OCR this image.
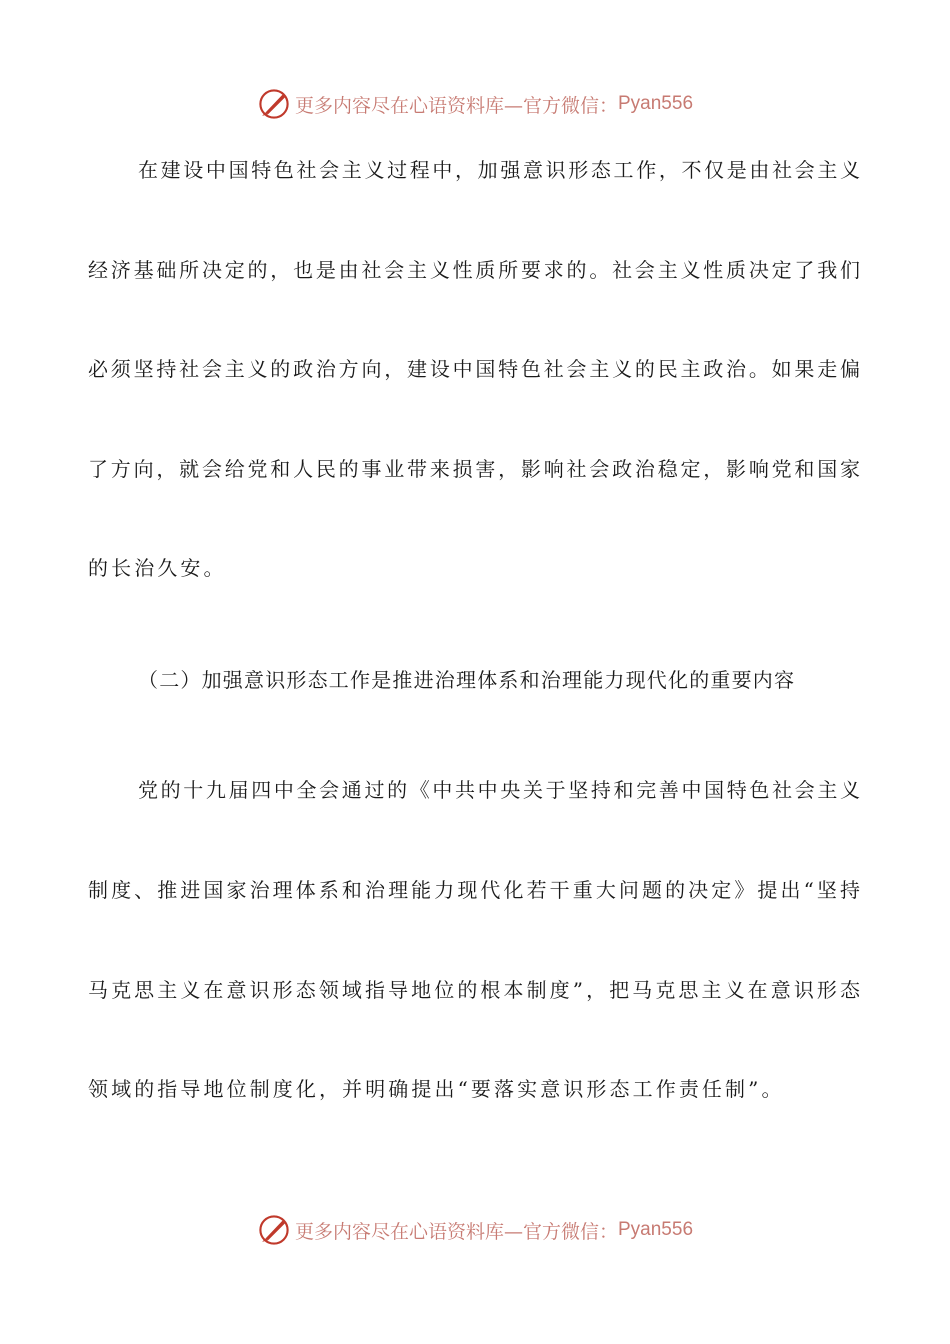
更多内容尽在心语资料库—官方微信： Pyan556
在建设中国特色社会主义过程中，加强意识形态工作，不仅是由社会主义
经济基础所决定的，也是由社会主义性质所要求的。社会主义性质决定了我们
必须坚持社会主义的政治方向，建设中国特色社会主义的民主政治。如果走偏
了方向，就会给党和人民的事业带来损害，影响社会政治稳定，影响党和国家
的长治久安。
（二）加强意识形态工作是推进治理体系和治理能力现代化的重要内容
党的十九届四中全会通过的《中共中央关于坚持和完善中国特色社会主义
制度、推进国家治理体系和治理能力现代化若干重大问题的决定》提出“坚持
马克思主义在意识形态领域指导地位的根本制度”，把马克思主义在意识形态
领域的指导地位制度化，并明确提出“要落实意识形态工作责任制”。
更多内容尽在心语资料库—官方微信： Pyan556
